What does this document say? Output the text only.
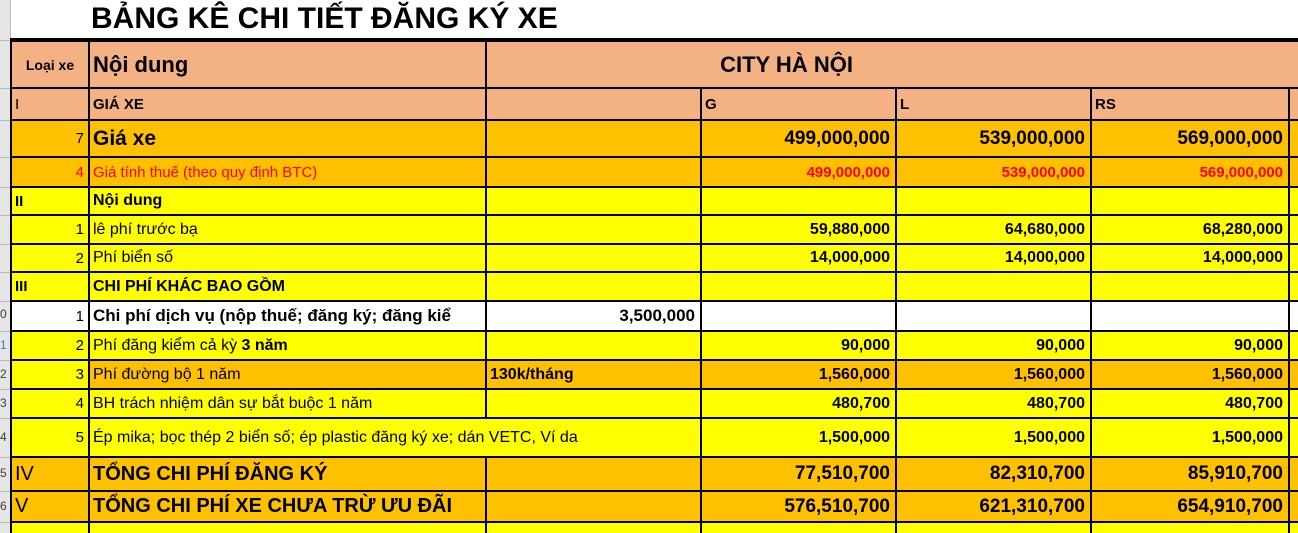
0
1
2
3
4
5
6
	BẢNG KÊ CHI TIẾT ĐĂNG KÝ XE					
Loại xe	Nội dung	CITY HÀ NỘI				
I	GIÁ XE		G	L	RS	
7	Giá xe		499,000,000	539,000,000	569,000,000	
4	Giá tính thuế (theo quy định BTC)		499,000,000	539,000,000	569,000,000	
II	Nội dung					
1	lê phí trước bạ		59,880,000	64,680,000	68,280,000	
2	Phí biển số		14,000,000	14,000,000	14,000,000	
III	CHI PHÍ KHÁC BAO GỒM					
1	Chi phí dịch vụ (nộp thuế; đăng ký; đăng kiể	3,500,000				
2	Phí đăng kiểm cả kỳ 3 năm		90,000	90,000	90,000	
3	Phí đường bộ 1 năm	130k/tháng	1,560,000	1,560,000	1,560,000	
4	BH trách nhiệm dân sự bắt buộc 1 năm		480,700	480,700	480,700	
5	Ép mika; bọc thép 2 biển số; ép plastic đăng ký xe; dán VETC, Ví da		1,500,000	1,500,000	1,500,000	
IV	TỔNG CHI PHÍ ĐĂNG KÝ		77,510,700	82,310,700	85,910,700	
V	TỔNG CHI PHÍ XE CHƯA TRỪ ƯU ĐÃI		576,510,700	621,310,700	654,910,700	
